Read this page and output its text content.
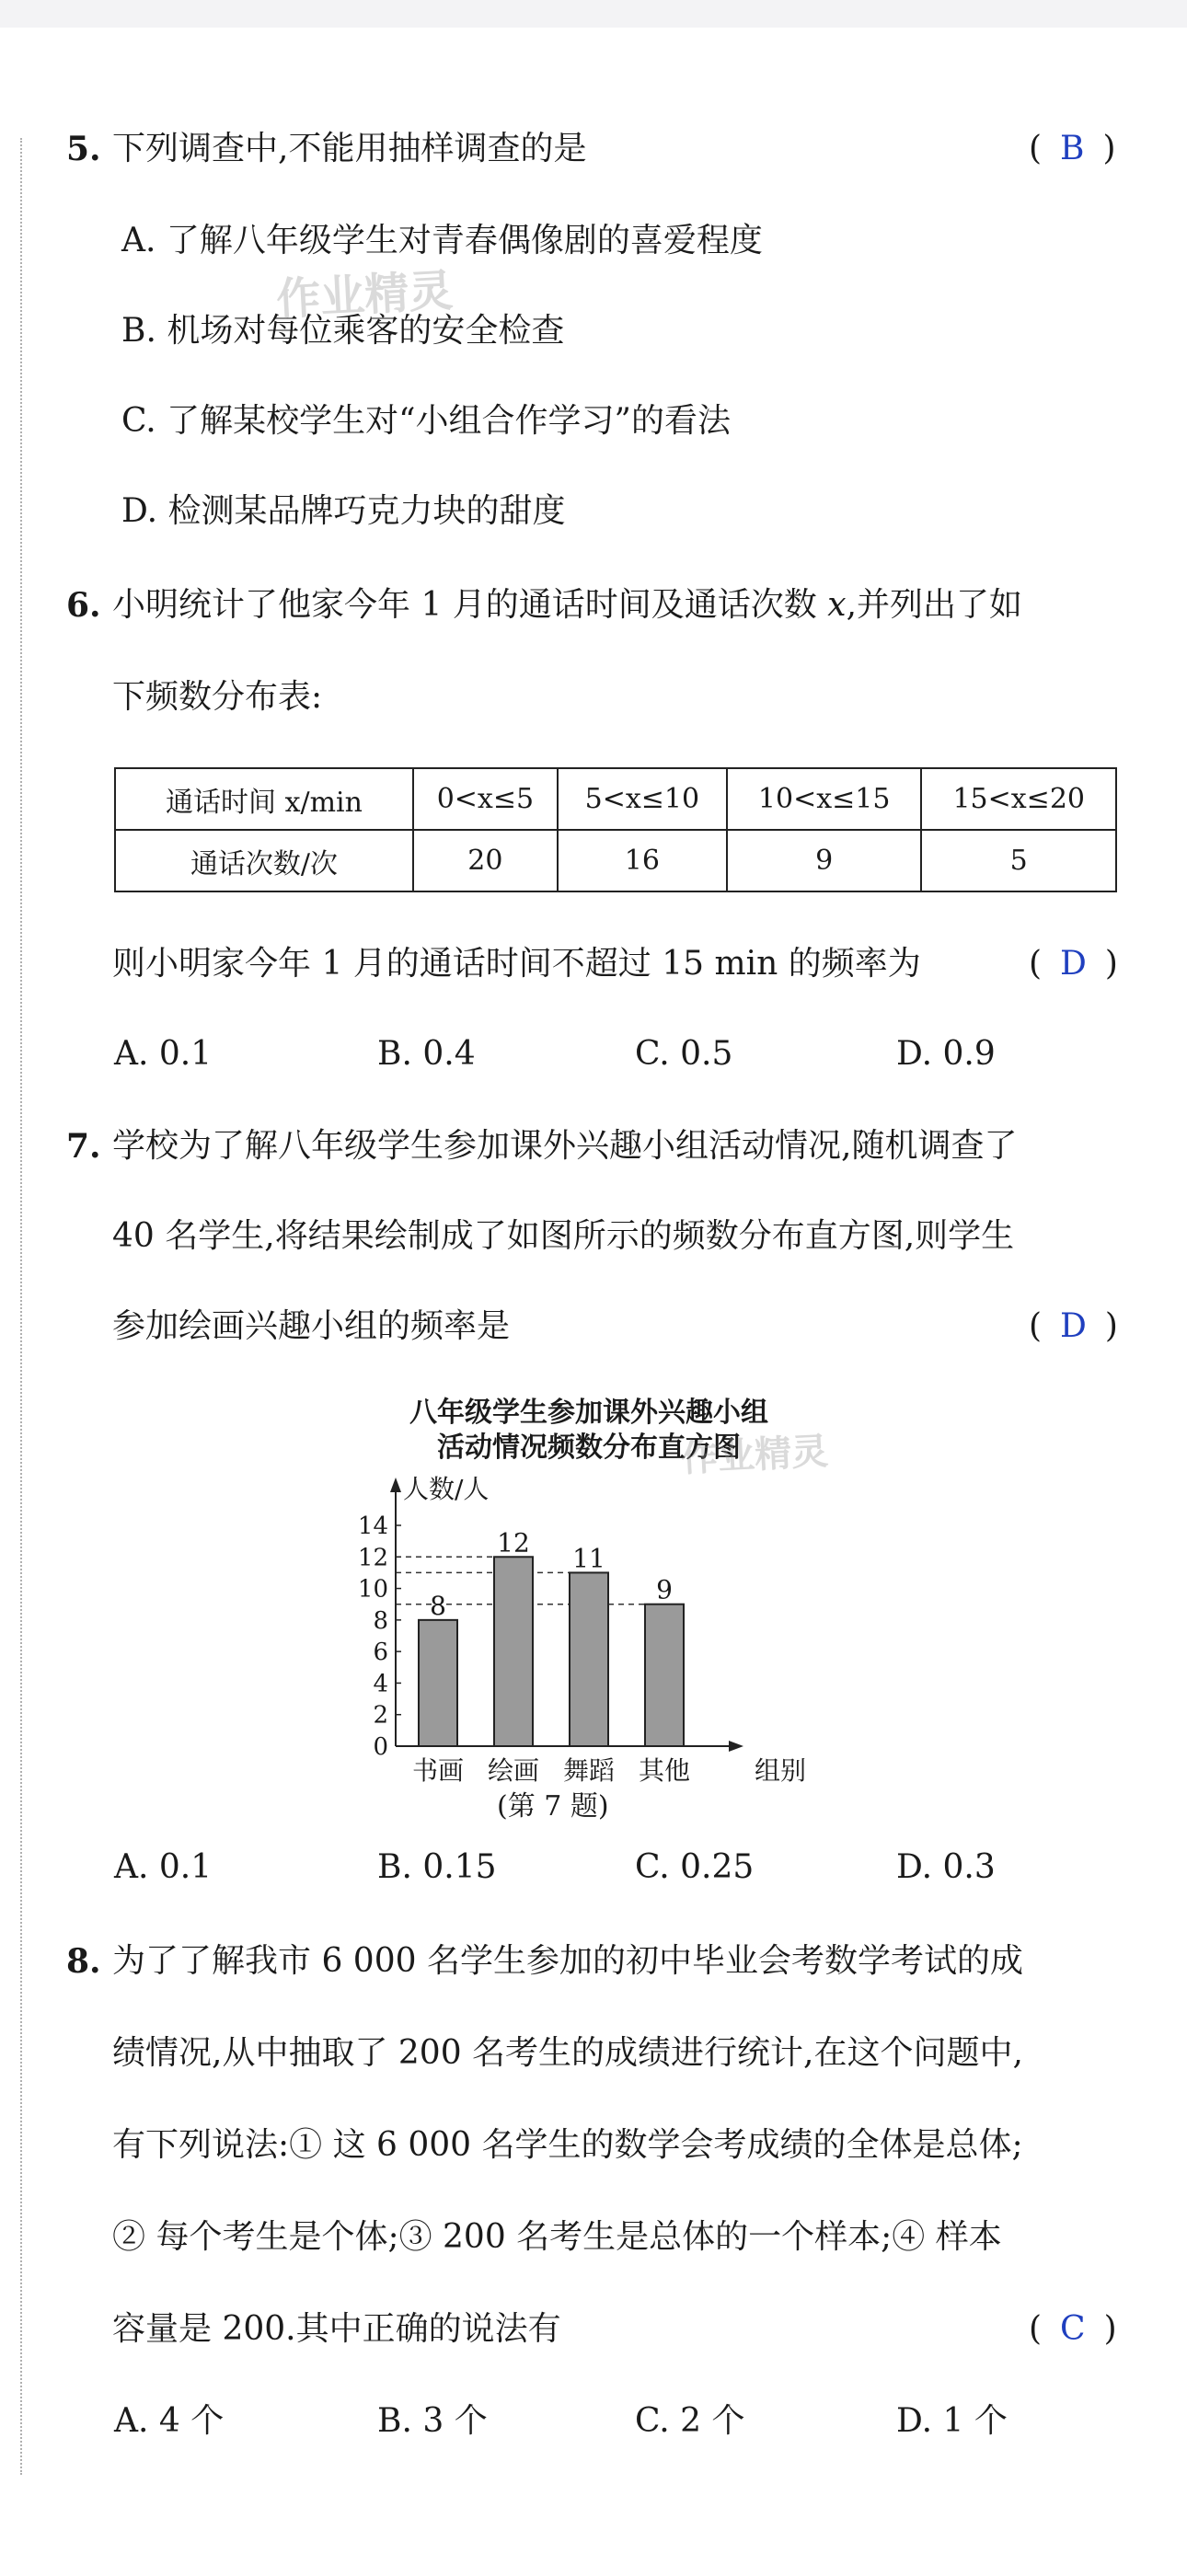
5. 下列调查中,不能用抽样调查的是	( B )
A. 了解八年级学生对青春偶像剧的喜爱程度
B. 机场对每位乘客的安全检查
C. 了解某校学生对“小组合作学习”的看法
D. 检测某品牌巧克力块的甜度
作业精灵
6. 小明统计了他家今年 1 月的通话时间及通话次数 x,并列出了如
下频数分布表:
通话时间 x/min	0<x≤5	5<x≤10	10<x≤15	15<x≤20
通话次数/次	20	16	9	5
则小明家今年 1 月的通话时间不超过 15 min 的频率为	( D )
A. 0.1	B. 0.4	C. 0.5	D. 0.9
7. 学校为了解八年级学生参加课外兴趣小组活动情况,随机调查了
40 名学生,将结果绘制成了如图所示的频数分布直方图,则学生
参加绘画兴趣小组的频率是	( D )
八年级学生参加课外兴趣小组
活动情况频数分布直方图
作业精灵
8
书画
12
绘画
11
舞蹈
9
其他
0
2
4
6
8
10
12
14
人数/人
组别
(第 7 题)
A. 0.1	B. 0.15	C. 0.25	D. 0.3
8. 为了了解我市 6 000 名学生参加的初中毕业会考数学考试的成
绩情况,从中抽取了 200 名考生的成绩进行统计,在这个问题中,
有下列说法:① 这 6 000 名学生的数学会考成绩的全体是总体;
② 每个考生是个体;③ 200 名考生是总体的一个样本;④ 样本
容量是 200.其中正确的说法有	( C )
A. 4 个	B. 3 个	C. 2 个	D. 1 个
